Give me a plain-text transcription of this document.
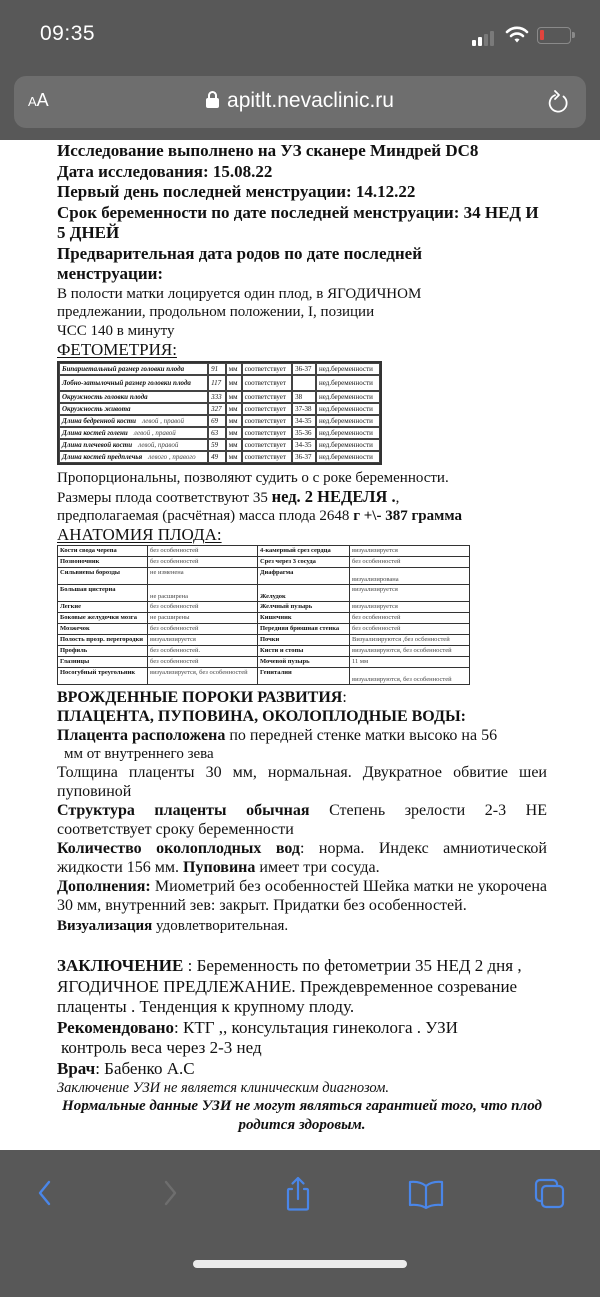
09:35
AA	apitlt.nevaclinic.ru
Исследование выполнено на УЗ сканере Миндрей DC8
Дата исследования: 15.08.22
Первый день последней менструации: 14.12.22
Срок беременности по дате последней менструации: 34 НЕД И 5 ДНЕЙ
Предварительная дата родов по дате последней менструации:
В полости матки лоцируется один плод, в ЯГОДИЧНОМ
предлежании, продольном положении, I, позиции
ЧСС 140 в минуту
ФЕТОМЕТРИЯ:
Бипариетальный размер головки плода	91	мм	соответствует	36-37	нед.беременности
Лобно-затылочный размер головки плода	117	мм	соответствует		нед.беременности
Окружность головки плода	333	мм	соответствует	38	нед.беременности
Окружность живота	327	мм	соответствует	37-38	нед.беременности
Длина бедренной кости левой , правой	69	мм	соответствует	34-35	нед.беременности
Длина костей голени левой , правой	63	мм	соответствует	35-36	нед.беременности
Длина плечевой кости левой, правой	59	мм	соответствует	34-35	нед.беременности
Длина костей предплечья левого , правого	49	мм	соответствует	36-37	нед.беременности
Пропорциональны, позволяют судить о с роке беременности.
Размеры плода соответствуют 35 нед. 2 НЕДЕЛЯ .,
предполагаемая (расчётная) масса плода 2648 г +\- 387 грамма
АНАТОМИЯ ПЛОДА:
Кости свода черепа	без особенностей	4-камерный срез сердца	визуализируется
Позвоночник	без особенностей	Срез через 3 сосуда	без особенностей
Сильвиевы борозды	не изменена	Диафрагма	визуализирована

Большая цистерна	не расширена	Желудок	визуализируется
Легкие	без особенностей	Желчный пузырь	визуализируется
Боковые желудочки мозга	не расширены	Кишечник	без особенностей
Мозжечок	без особенностей	Передняя брюшная стенка	без особенностей
Полость прозр. перегородки	визуализируется	Почки	Визуализируются ,без осбенностей
Профиль	без особенностей.	Кисти и стопы	визуализируются, без особенностей
Глазницы	без особенностей	Мочевой пузырь	11 мм
Носогубный треугольник	визуализируется, без особенностей	Гениталии	визуализируются, без особенностей
ВРОЖДЕННЫЕ ПОРОКИ РАЗВИТИЯ:
ПЛАЦЕНТА, ПУПОВИНА, ОКОЛОПЛОДНЫЕ ВОДЫ:
Плацента расположена по передней стенке матки высоко на 56
мм от внутреннего зева
Толщина плаценты 30 мм, нормальная. Двукратное обвитие шеи пуповиной
Структура плаценты обычная Степень зрелости 2-3 НЕ соответствует сроку беременности
Количество околоплодных вод: норма. Индекс амниотической жидкости 156 мм. Пуповина имеет три сосуда.
Дополнения: Миометрий без особенностей Шейка матки не укорочена 30 мм, внутренний зев: закрыт. Придатки без особенностей.
Визуализация удовлетворительная.
ЗАКЛЮЧЕНИЕ : Беременность по фетометрии 35 НЕД 2 дня , ЯГОДИЧНОЕ ПРЕДЛЕЖАНИЕ. Преждевременное созревание плаценты . Тенденция к крупному плоду.
Рекомендовано: КТГ ,, консультация гинеколога . УЗИ
контроль веса через 2-3 нед
Врач: Бабенко А.С
Заключение УЗИ не является клиническим диагнозом.
Нормальные данные УЗИ не могут являться гарантией того, что плод родится здоровым.
